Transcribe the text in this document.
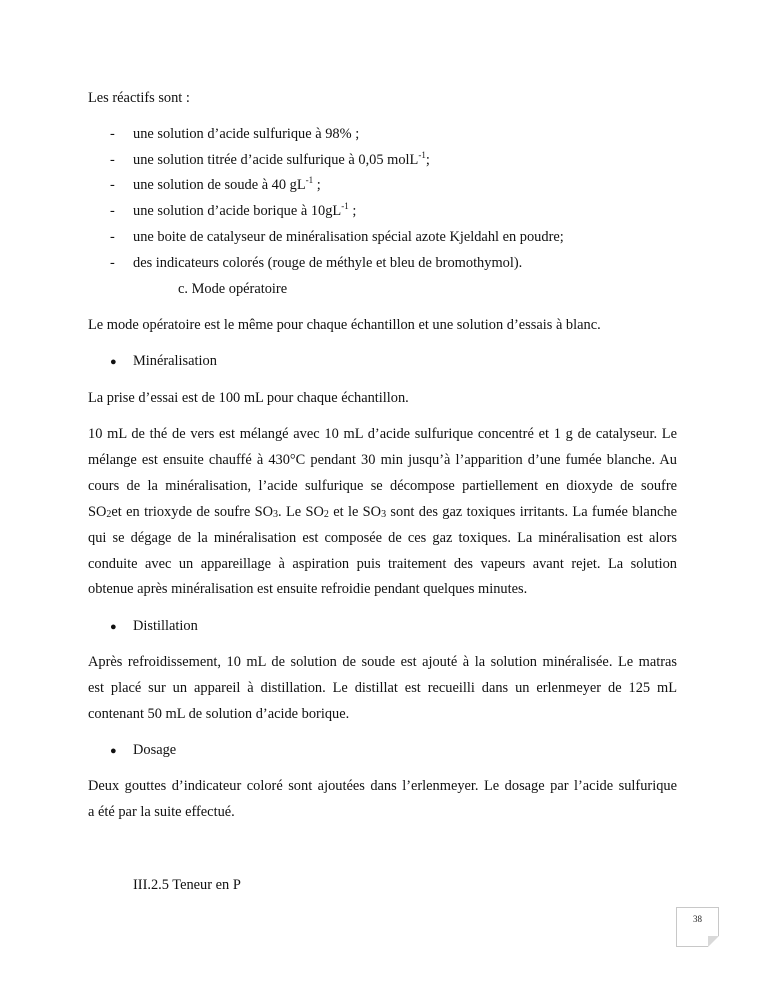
Les réactifs sont :
- une solution d’acide sulfurique à 98% ;
- une solution titrée d’acide sulfurique à 0,05 molL$^{-1}$;
- une solution de soude à 40 $gL^{-1}$ ;
- une solution d’acide borique à $10gL^{-1}$ ;
- une boite de catalyseur de minéralisation spécial azote Kjeldahl en poudre;
- des indicateurs colorés (rouge de méthyle et bleu de bromothymol).
c. Mode opératoire
Le mode opératoire est le même pour chaque échantillon et une solution d’essais à blanc.
● Minéralisation
La prise d’essai est de 100 mL pour chaque échantillon.
10 mL de thé de vers est mélangé avec 10 mL d’acide sulfurique concentré et 1 g de catalyseur. Le
mélange est ensuite chauffé à 430°C pendant 30 min jusqu’à l’apparition d’une fumée blanche. Au
cours de la minéralisation, l’acide sulfurique se décompose partiellement en dioxyde de soufre
$SO_2et$ en trioxyde de soufre $SO_3$. Le $SO_2$ et le $SO_3$ sont des gaz toxiques irritants. La fumée blanche
qui se dégage de la minéralisation est composée de ces gaz toxiques. La minéralisation est alors
conduite avec un appareillage à aspiration puis traitement des vapeurs avant rejet. La solution
obtenue après minéralisation est ensuite refroidie pendant quelques minutes.
● Distillation
Après refroidissement, 10 mL de solution de soude est ajouté à la solution minéralisée. Le matras
est placé sur un appareil à distillation. Le distillat est recueilli dans un erlenmeyer de 125 mL
contenant 50 mL de solution d’acide borique.
● Dosage
Deux gouttes d’indicateur coloré sont ajoutées dans l’erlenmeyer. Le dosage par l’acide sulfurique
a été par la suite effectué.
III.2.5 Teneur en P
38
